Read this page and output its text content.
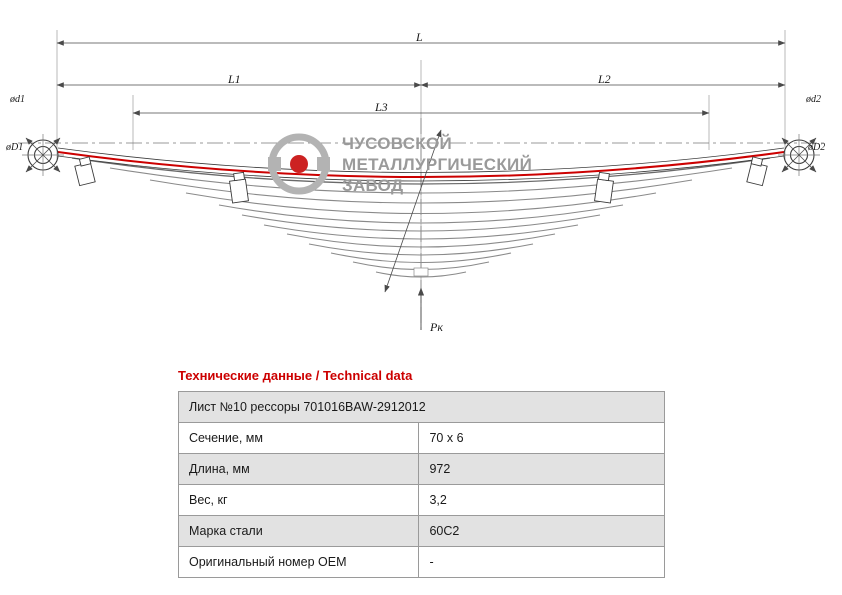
L
L1	L2
L3
ød1
øD1
ød2
øD2
Pк
ЧУСОВСКОЙ
МЕТАЛЛУРГИЧЕСКИЙ
ЗАВОД
Технические данные / Technical data
Лист №10 рессоры 701016BAW-2912012	
Сечение, мм	70 x 6
Длина, мм	972
Вес, кг	3,2
Марка стали	60С2
Оригинальный номер ОЕМ	-
